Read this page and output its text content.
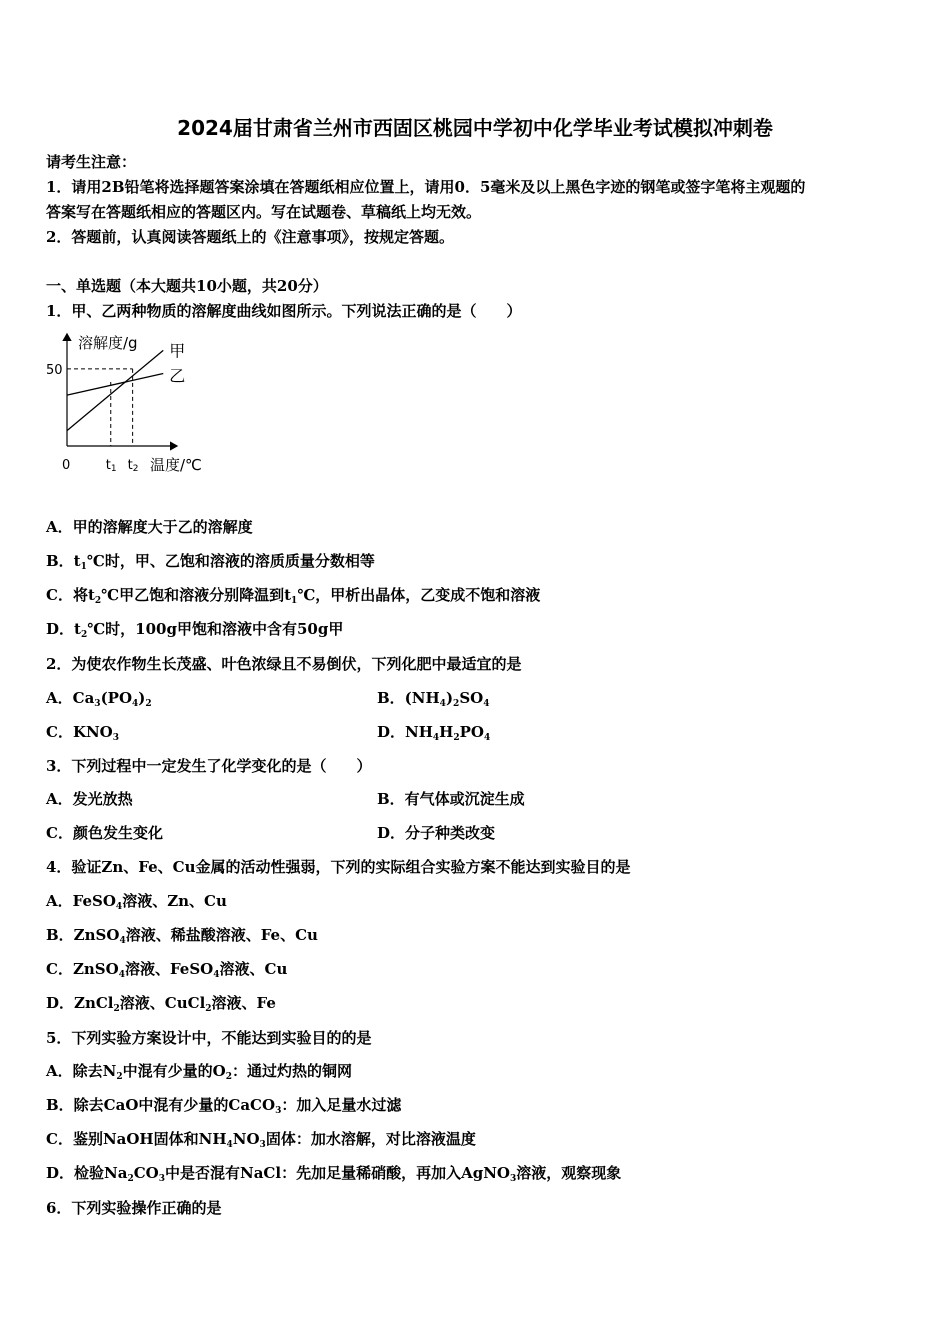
2024届甘肃省兰州市西固区桃园中学初中化学毕业考试模拟冲刺卷
请考生注意：
1．请用2B铅笔将选择题答案涂填在答题纸相应位置上，请用0．5毫米及以上黑色字迹的钢笔或签字笔将主观题的
答案写在答题纸相应的答题区内。写在试题卷、草稿纸上均无效。
2．答题前，认真阅读答题纸上的《注意事项》，按规定答题。
一、单选题（本大题共10小题，共20分）
1．甲、乙两种物质的溶解度曲线如图所示。下列说法正确的是（　　）
溶解度/g
温度/℃
0
50
甲
乙
t1 t2
A．甲的溶解度大于乙的溶解度
B．$t_1℃$时，甲、乙饱和溶液的溶质质量分数相等
C．将$t_2℃$甲乙饱和溶液分别降温到$t_1℃$，甲析出晶体，乙变成不饱和溶液
D．$t_2℃$时，100g甲饱和溶液中含有50g甲
2．为使农作物生长茂盛、叶色浓绿且不易倒伏，下列化肥中最适宜的是
A．$Ca_3(PO_4)_2$	B．$(NH_4)_2SO_4$
C．$KNO_3$	D．$NH_4H_2PO_4$
3．下列过程中一定发生了化学变化的是（　　）
A．发光放热	B．有气体或沉淀生成
C．颜色发生变化	D．分子种类改变
4．验证Zn、Fe、Cu金属的活动性强弱，下列的实际组合实验方案不能达到实验目的是
A．FeSO$_4$溶液、Zn、Cu
B．ZnSO$_4$溶液、稀盐酸溶液、Fe、Cu
C．ZnSO$_4$溶液、FeSO$_4$溶液、Cu
D．ZnCl$_2$溶液、CuCl$_2$溶液、Fe
5．下列实验方案设计中，不能达到实验目的的是
A．除去$N_2$中混有少量的$O_2$：通过灼热的铜网
B．除去CaO中混有少量的CaCO$_3$：加入足量水过滤
C．鉴别NaOH固体和$NH_4NO_3$固体：加水溶解，对比溶液温度
D．检验$Na_2CO_3$中是否混有NaCl：先加足量稀硝酸，再加入AgNO$_3$溶液，观察现象
6．下列实验操作正确的是
